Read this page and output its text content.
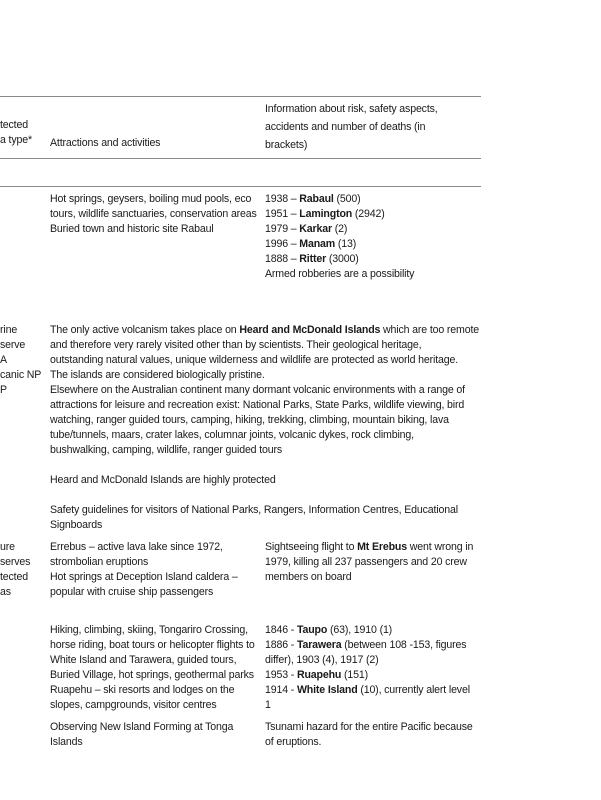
tected
a type* Attractions and activities
Information about risk, safety aspects,
accidents and number of deaths (in
brackets)
Hot springs, geysers, boiling mud pools, eco
tours, wildlife sanctuaries, conservation areas
Buried town and historic site Rabaul
1938 – Rabaul (500)
1951 – Lamington (2942)
1979 – Karkar (2)
1996 – Manam (13)
1888 – Ritter (3000)
Armed robberies are a possibility
rine
serve
A
canic NP
P
The only active volcanism takes place on Heard and McDonald Islands which are too remote
and therefore very rarely visited other than by scientists. Their geological heritage,
outstanding natural values, unique wilderness and wildlife are protected as world heritage.
The islands are considered biologically pristine.
Elsewhere on the Australian continent many dormant volcanic environments with a range of
attractions for leisure and recreation exist: National Parks, State Parks, wildlife viewing, bird
watching, ranger guided tours, camping, hiking, trekking, climbing, mountain biking, lava
tube/tunnels, maars, crater lakes, columnar joints, volcanic dykes, rock climbing,
bushwalking, camping, wildlife, ranger guided tours
Heard and McDonald Islands are highly protected
Safety guidelines for visitors of National Parks, Rangers, Information Centres, Educational
Signboards
ure
serves
tected
as
Errebus – active lava lake since 1972,
strombolian eruptions
Hot springs at Deception Island caldera –
popular with cruise ship passengers
Sightseeing flight to Mt Erebus went wrong in
1979, killing all 237 passengers and 20 crew
members on board
Hiking, climbing, skiing, Tongariro Crossing,
horse riding, boat tours or helicopter flights to
White Island and Tarawera, guided tours,
Buried Village, hot springs, geothermal parks
Ruapehu – ski resorts and lodges on the
slopes, campgrounds, visitor centres
1846 - Taupo (63), 1910 (1)
1886 - Tarawera (between 108 -153, figures
differ), 1903 (4), 1917 (2)
1953 - Ruapehu (151)
1914 - White Island (10), currently alert level
1
Observing New Island Forming at Tonga
Islands
Tsunami hazard for the entire Pacific because
of eruptions.
